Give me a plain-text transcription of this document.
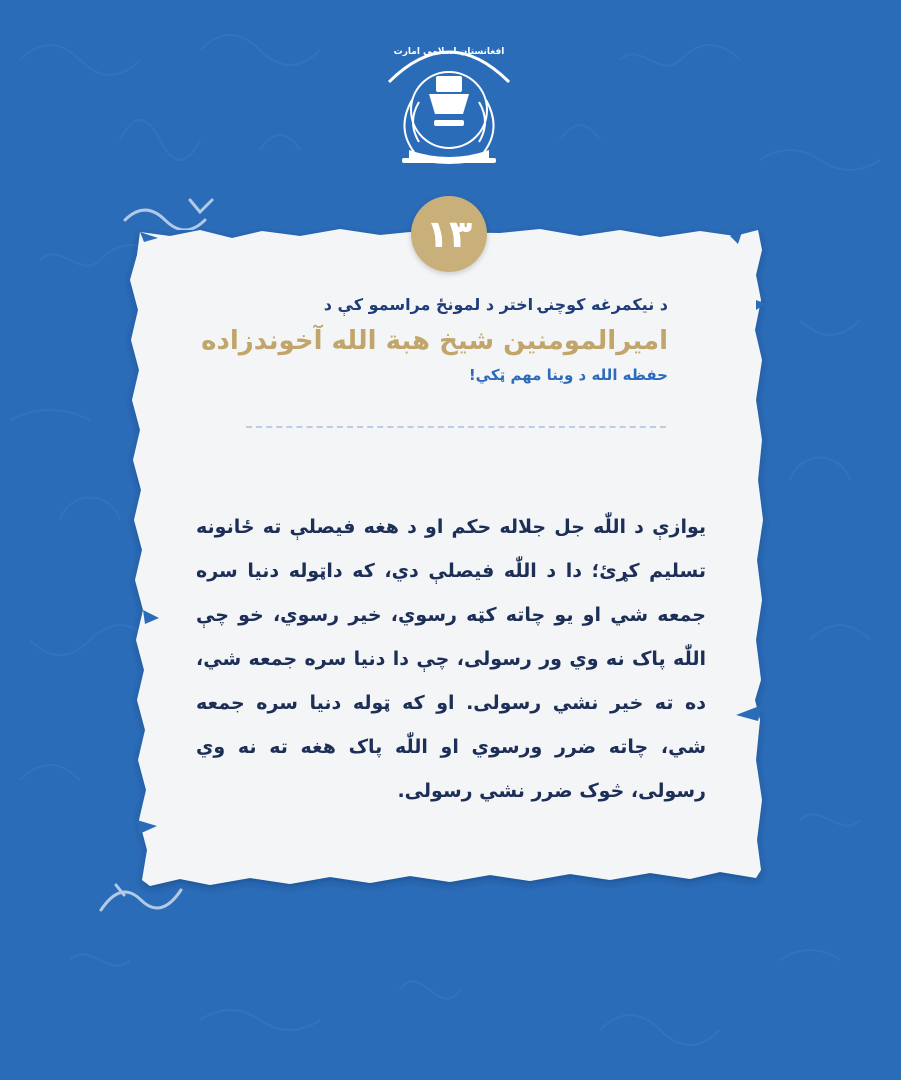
افغانستان اسلامي امارت
۱۳
د نیکمرغه کوچنۍ اختر د لمونځ مراسمو کې د
امیرالمومنین شیخ هبة الله آخوندزاده
حفظه الله د وینا مهم ټکي!
یوازې د اللّٰه جل جلاله حکم او د هغه فیصلې ته ځانونه تسلیم کړئ؛ دا د اللّٰه فیصلې دي، که داټوله دنیا سره جمعه شي او یو چاته کټه رسوي، خیر رسوي، خو چې اللّٰه پاک نه وي ور رسولی، چې دا دنیا سره جمعه شي، ده ته خیر نشي رسولی. او که ټوله دنیا سره جمعه شي، چاته ضرر ورسوي او اللّٰه پاک هغه ته نه وي رسولی، څوک ضرر نشي رسولی.
